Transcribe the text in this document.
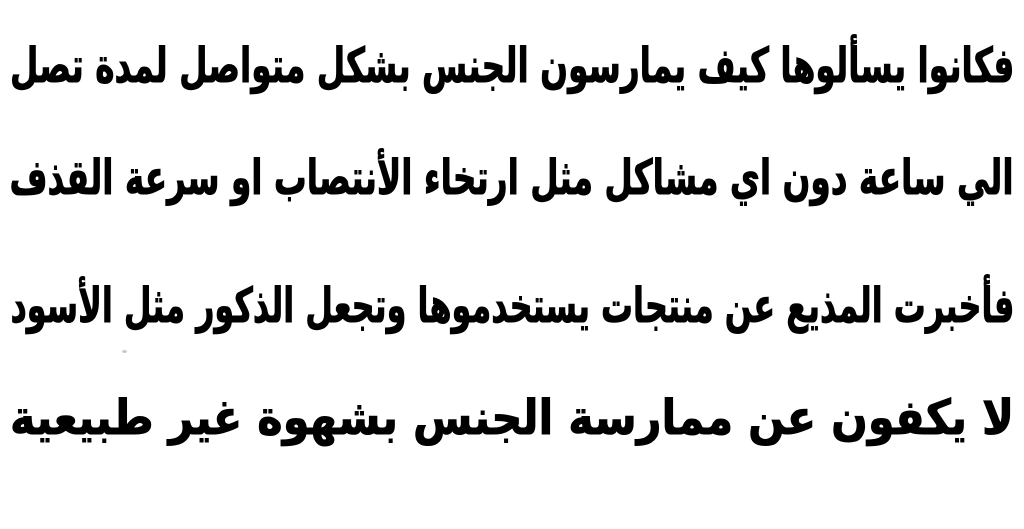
فكانوا يسألوها كيف يمارسون الجنس بشكل متواصل لمدة تصل
الي ساعة دون اي مشاكل مثل ارتخاء الأنتصاب او سرعة القذف
فأخبرت المذيع عن منتجات يستخدموها وتجعل الذكور مثل الأسود
لا يكفون عن ممارسة الجنس بشهوة غير طبيعية
